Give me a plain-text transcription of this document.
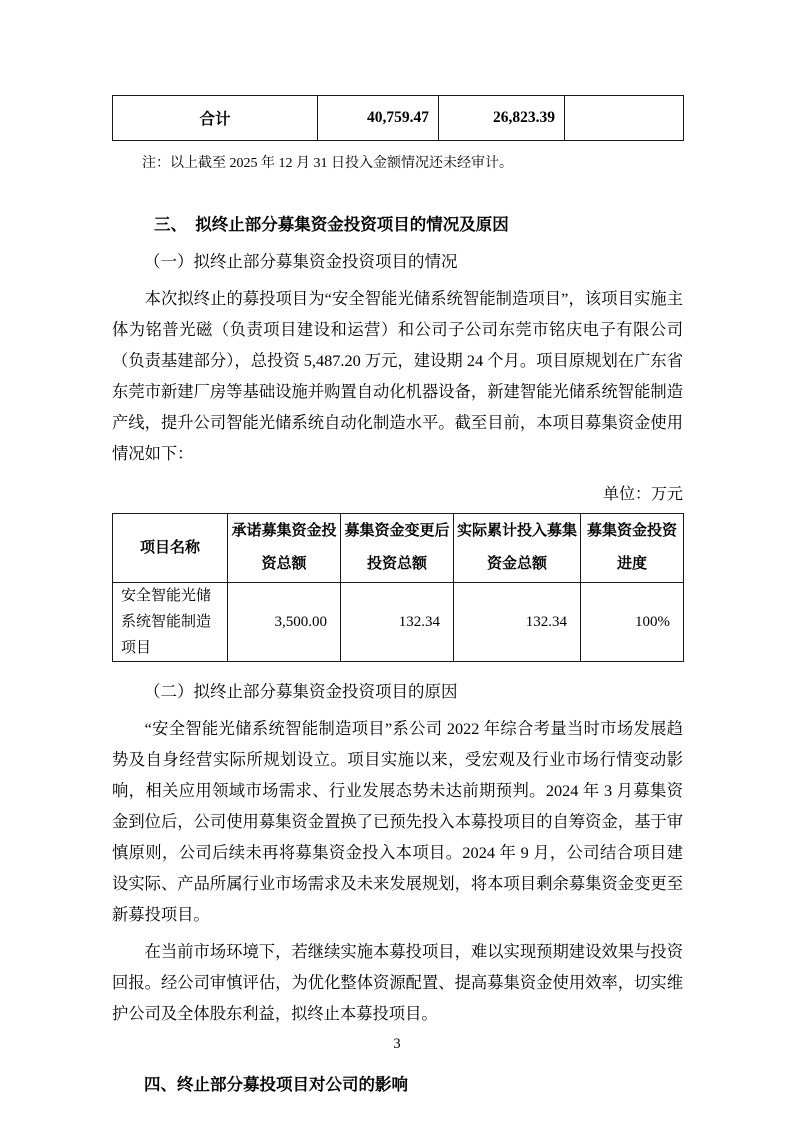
合计	40,759.47	26,823.39	
注：以上截至 2025 年 12 月 31 日投入金额情况还未经审计。

三、　拟终止部分募集资金投资项目的情况及原因

（一）拟终止部分募集资金投资项目的情况

本次拟终止的募投项目为“安全智能光储系统智能制造项目”，该项目实施主体为铭普光磁（负责项目建设和运营）和公司子公司东莞市铭庆电子有限公司（负责基建部分），总投资 5,487.20 万元，建设期 24 个月。项目原规划在广东省东莞市新建厂房等基础设施并购置自动化机器设备，新建智能光储系统智能制造产线，提升公司智能光储系统自动化制造水平。截至目前，本项目募集资金使用情况如下：

单位：万元
项目名称	承诺募集资金投资总额	募集资金变更后投资总额	实际累计投入募集资金总额	募集资金投资进度
安全智能光储系统智能制造项目	3,500.00	132.34	132.34	100%

（二）拟终止部分募集资金投资项目的原因

“安全智能光储系统智能制造项目”系公司 2022 年综合考量当时市场发展趋势及自身经营实际所规划设立。项目实施以来，受宏观及行业市场行情变动影响，相关应用领域市场需求、行业发展态势未达前期预判。2024 年 3 月募集资金到位后，公司使用募集资金置换了已预先投入本募投项目的自筹资金，基于审慎原则，公司后续未再将募集资金投入本项目。2024 年 9 月，公司结合项目建设实际、产品所属行业市场需求及未来发展规划，将本项目剩余募集资金变更至新募投项目。

在当前市场环境下，若继续实施本募投项目，难以实现预期建设效果与投资回报。经公司审慎评估，为优化整体资源配置、提高募集资金使用效率，切实维护公司及全体股东利益，拟终止本募投项目。

四、终止部分募投项目对公司的影响

3
